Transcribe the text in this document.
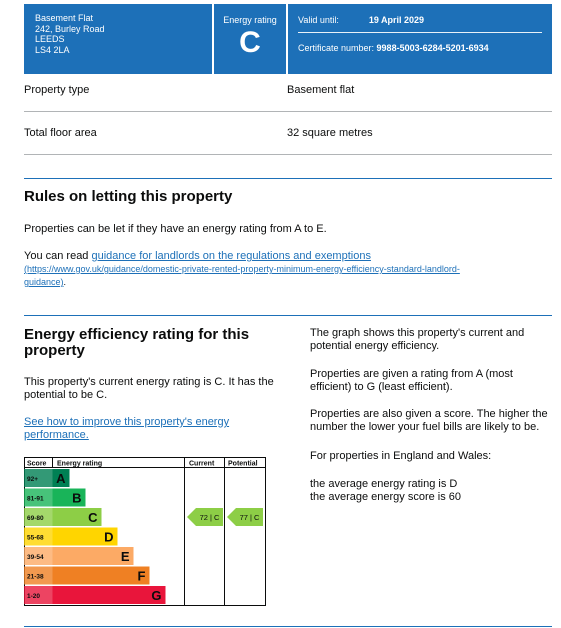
Basement Flat
242, Burley Road
LEEDS
LS4 2LA
Energy rating
C
Valid until:	19 April 2029
Certificate number: 9988-5003-6284-5201-6934
Property type	Basement flat
Total floor area	32 square metres
Rules on letting this property
Properties can be let if they have an energy rating from A to E.
You can read guidance for landlords on the regulations and exemptions
(https://www.gov.uk/guidance/domestic-private-rented-property-minimum-energy-efficiency-standard-landlord-
guidance).
Energy efficiency rating for this property
This property's current energy rating is C. It has the potential to be C.
See how to improve this property's energy performance.
The graph shows this property's current and potential energy efficiency.
Properties are given a rating from A (most efficient) to G (least efficient).
Properties are also given a score. The higher the number the lower your fuel bills are likely to be.
For properties in England and Wales:
the average energy rating is D
the average energy score is 60
Score Energy rating	Current Potential
92+ A
81-91 B
69-80	C
55-68	D
39-54	E
21-38	F
1-20	G
72 | C	77 | C
